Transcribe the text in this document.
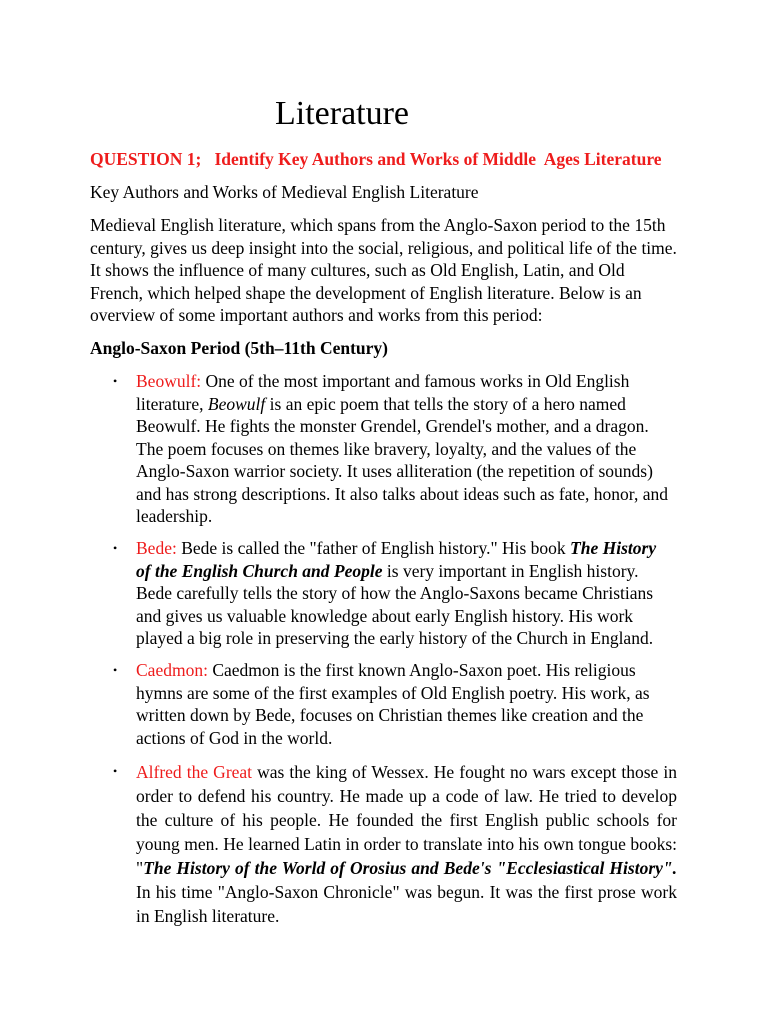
Literature

QUESTION 1;   Identify Key Authors and Works of Middle  Ages Literature

Key Authors and Works of Medieval English Literature

Medieval English literature, which spans from the Anglo-Saxon period to the 15th century, gives us deep insight into the social, religious, and political life of the time. It shows the influence of many cultures, such as Old English, Latin, and Old French, which helped shape the development of English literature. Below is an overview of some important authors and works from this period:

Anglo-Saxon Period (5th–11th Century)

• Beowulf: One of the most important and famous works in Old English literature, Beowulf is an epic poem that tells the story of a hero named Beowulf. He fights the monster Grendel, Grendel's mother, and a dragon. The poem focuses on themes like bravery, loyalty, and the values of the Anglo-Saxon warrior society. It uses alliteration (the repetition of sounds) and has strong descriptions. It also talks about ideas such as fate, honor, and leadership.

• Bede: Bede is called the "father of English history." His book The History of the English Church and People is very important in English history. Bede carefully tells the story of how the Anglo-Saxons became Christians and gives us valuable knowledge about early English history. His work played a big role in preserving the early history of the Church in England.

• Caedmon: Caedmon is the first known Anglo-Saxon poet. His religious hymns are some of the first examples of Old English poetry. His work, as written down by Bede, focuses on Christian themes like creation and the actions of God in the world.

• Alfred the Great was the king of Wessex. He fought no wars except those in order to defend his country. He made up a code of law. He tried to develop the culture of his people. He founded the first English public schools for young men. He learned Latin in order to translate into his own tongue books: "The History of the World of Orosius and Bede's "Ecclesiastical History". In his time "Anglo-Saxon Chronicle" was begun. It was the first prose work in English literature.
